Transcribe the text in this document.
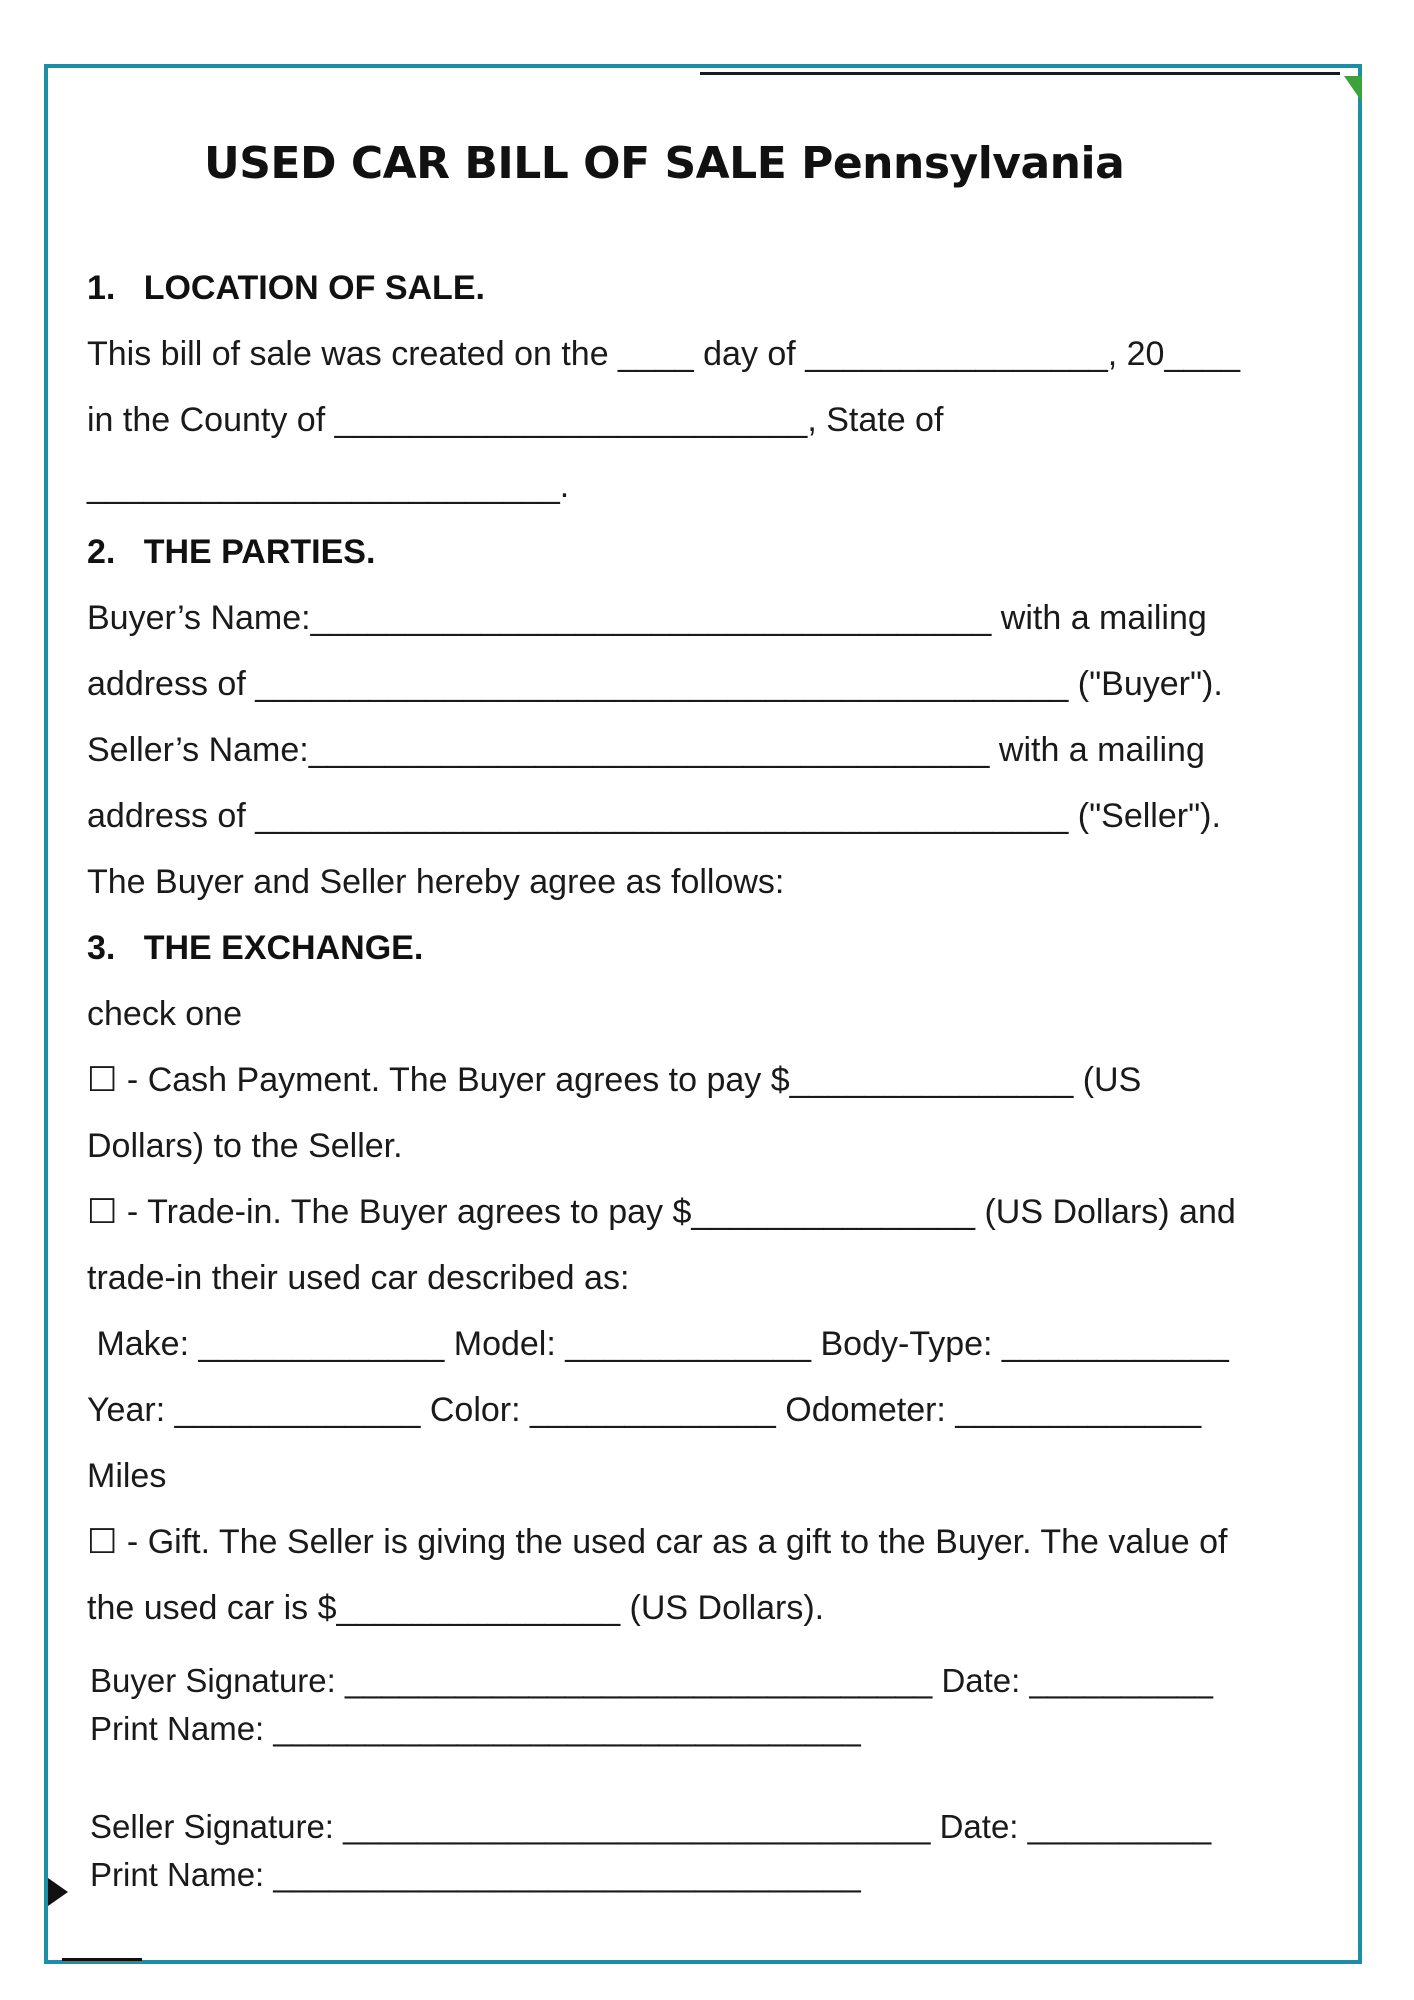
USED CAR BILL OF SALE Pennsylvania
1.   LOCATION OF SALE.
This bill of sale was created on the ____ day of ________________, 20____
in the County of _________________________, State of
_________________________.
2.   THE PARTIES.
Buyer’s Name:____________________________________ with a mailing
address of ___________________________________________ ("Buyer").
Seller’s Name:____________________________________ with a mailing
address of ___________________________________________ ("Seller").
The Buyer and Seller hereby agree as follows:
3.   THE EXCHANGE.
check one
☐ - Cash Payment. The Buyer agrees to pay $_______________ (US
Dollars) to the Seller.
☐ - Trade-in. The Buyer agrees to pay $_______________ (US Dollars) and
trade-in their used car described as:
Make: _____________ Model: _____________ Body-Type: ____________
Year: _____________ Color: _____________ Odometer: _____________
Miles
☐ - Gift. The Seller is giving the used car as a gift to the Buyer. The value of
the used car is $_______________ (US Dollars).
Buyer Signature: ________________________________ Date: __________
Print Name: ________________________________
Seller Signature: ________________________________ Date: __________
Print Name: ________________________________
